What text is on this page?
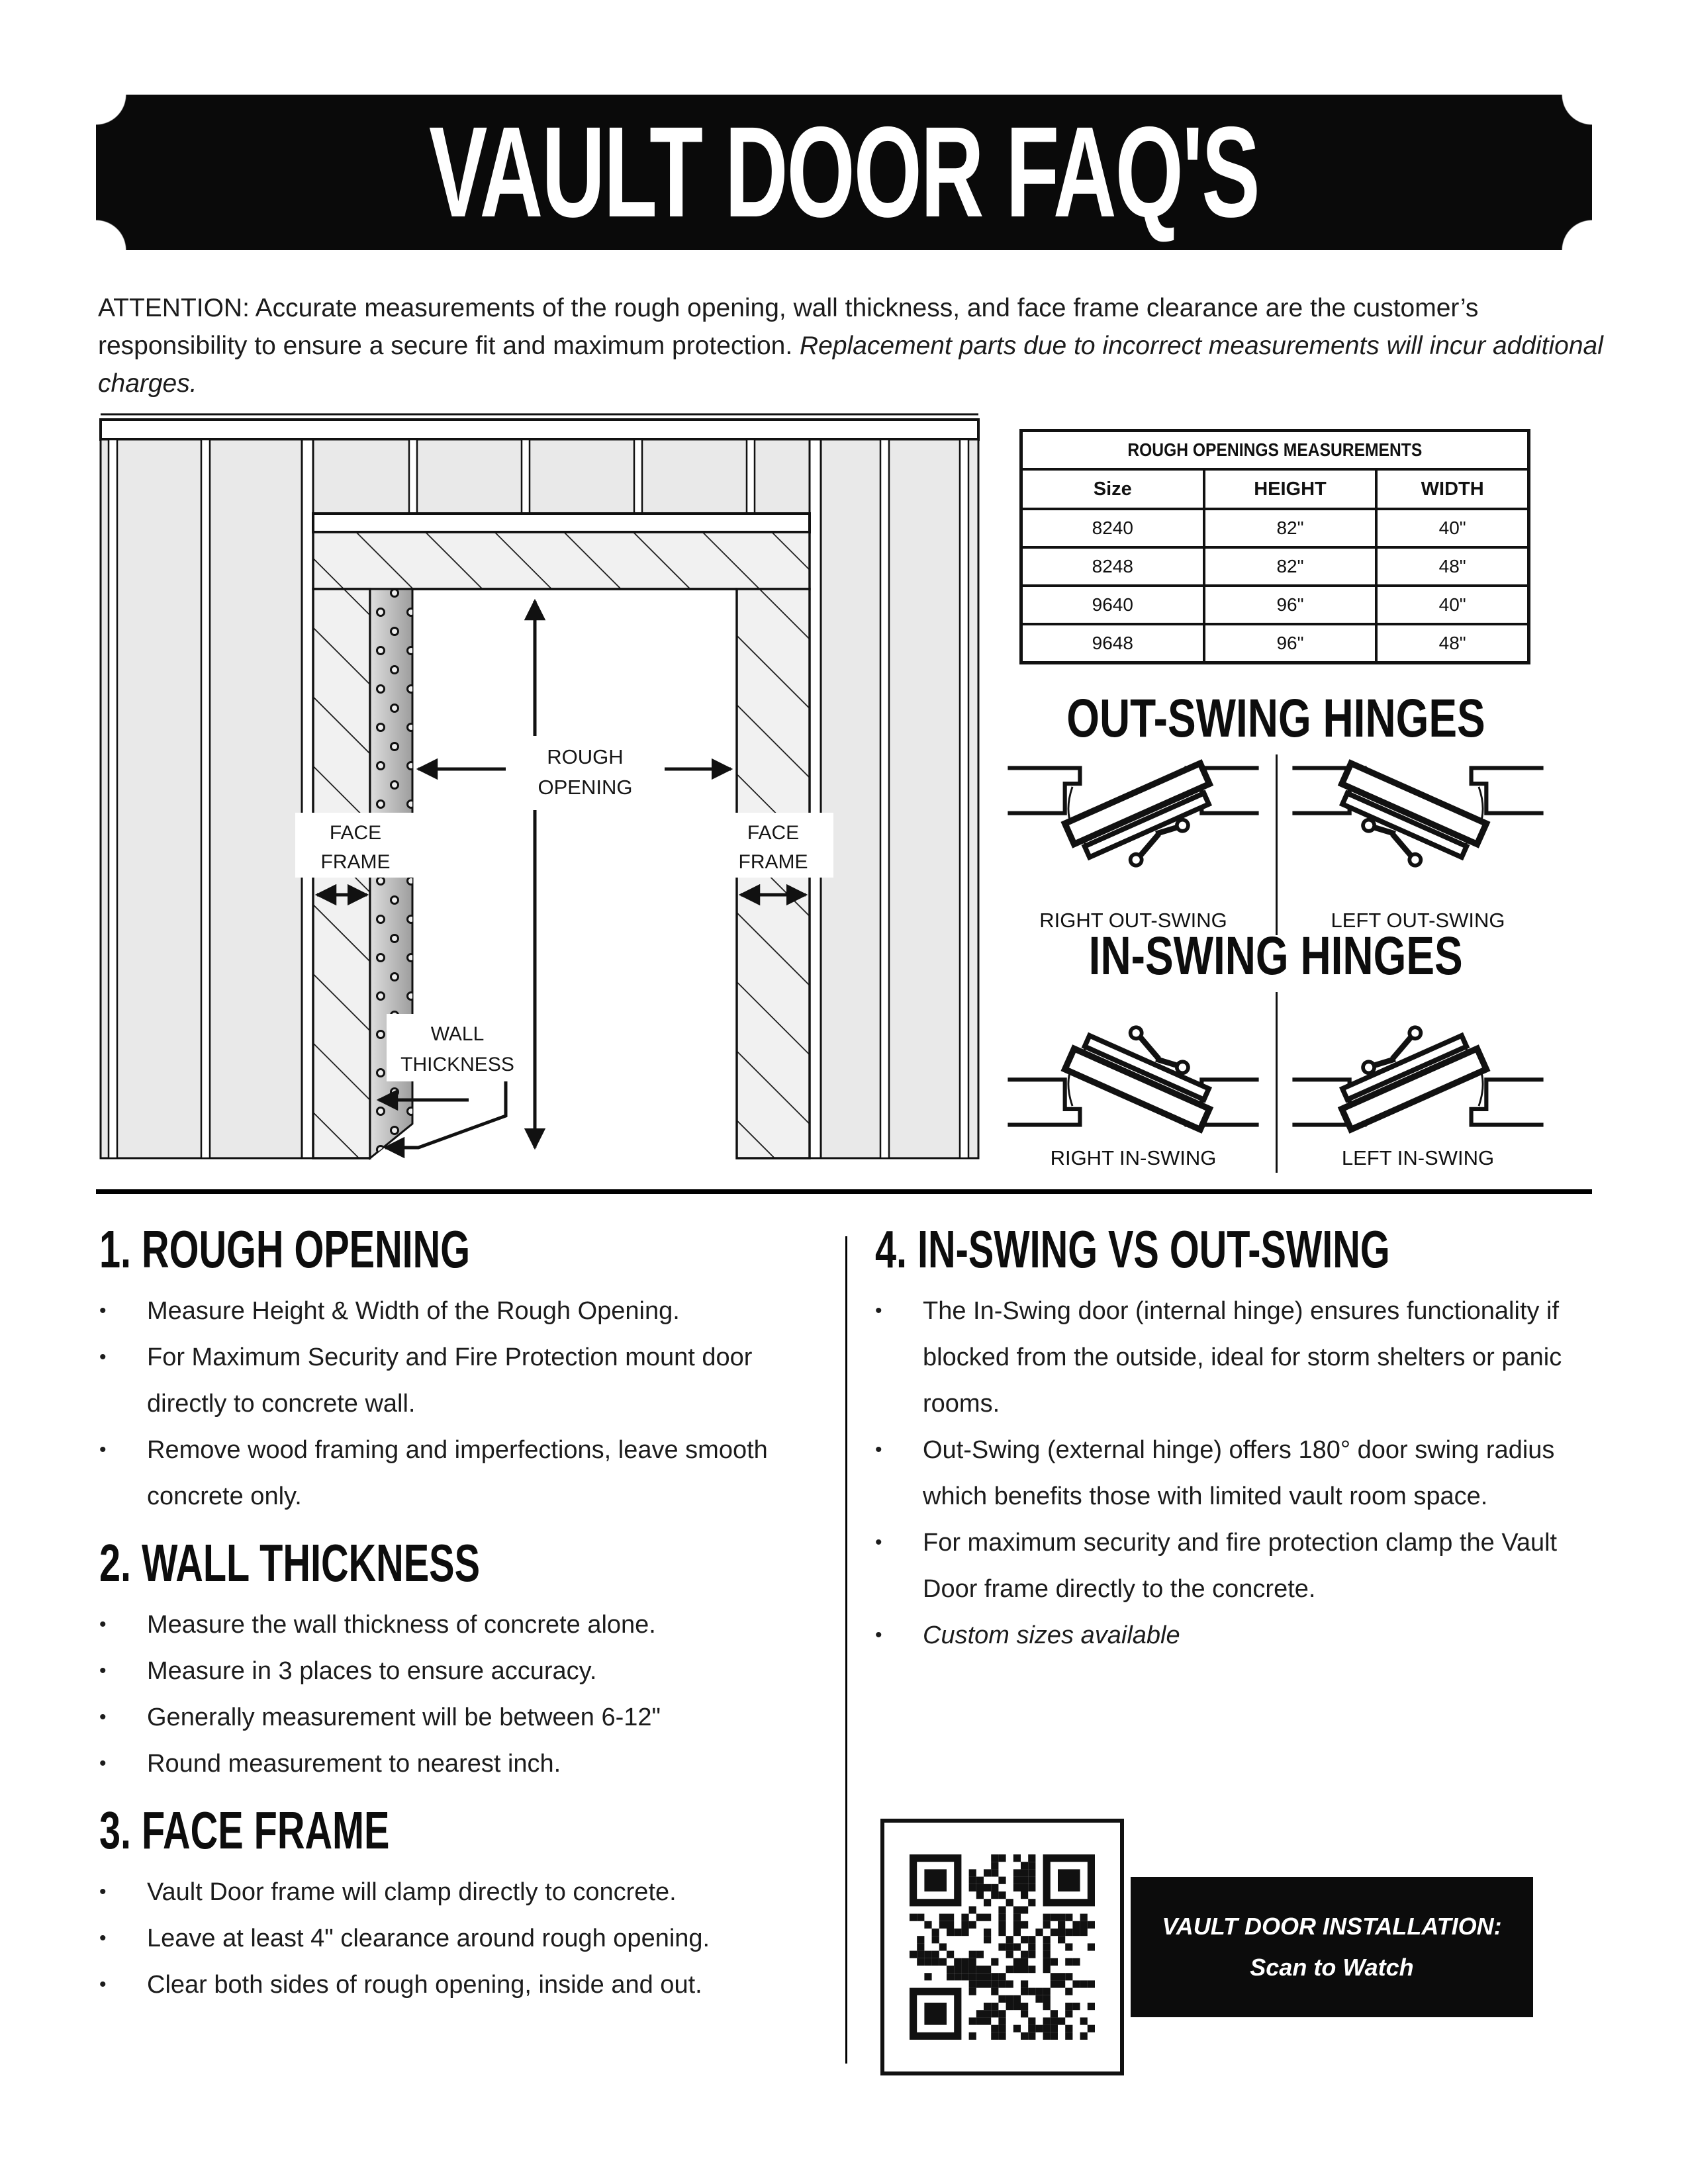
VAULT DOOR FAQ'S

ATTENTION: Accurate measurements of the rough opening, wall thickness, and face frame clearance are the customer’s responsibility to ensure a secure fit and maximum protection. Replacement parts due to incorrect measurements will incur additional charges.

ROUGH
OPENING
FACE
FRAME
FACE
FRAME
WALL
THICKNESS
ROUGH OPENINGS MEASUREMENTS		
Size	HEIGHT	WIDTH
8240	82"	40"
8248	82"	48"
9640	96"	40"
9648	96"	48"
OUT-SWING HINGES
RIGHT OUT-SWING	LEFT OUT-SWING
IN-SWING HINGES
RIGHT IN-SWING	LEFT IN-SWING
1. ROUGH OPENING
•	Measure Height & Width of the Rough Opening.
•	For Maximum Security and Fire Protection mount door directly to concrete wall.
•	Remove wood framing and imperfections, leave smooth concrete only.
2. WALL THICKNESS
•	Measure the wall thickness of concrete alone.
•	Measure in 3 places to ensure accuracy.
•	Generally measurement will be between 6-12"
•	Round measurement to nearest inch.
3. FACE FRAME
•	Vault Door frame will clamp directly to concrete.
•	Leave at least 4" clearance around rough opening.
•	Clear both sides of rough opening, inside and out.
4. IN-SWING VS OUT-SWING
•	The In-Swing door (internal hinge) ensures functionality if blocked from the outside, ideal for storm shelters or panic rooms.
•	Out-Swing (external hinge) offers 180° door swing radius which benefits those with limited vault room space.
•	For maximum security and fire protection clamp the Vault Door frame directly to the concrete.
•	Custom sizes available
VAULT DOOR INSTALLATION:
Scan to Watch
